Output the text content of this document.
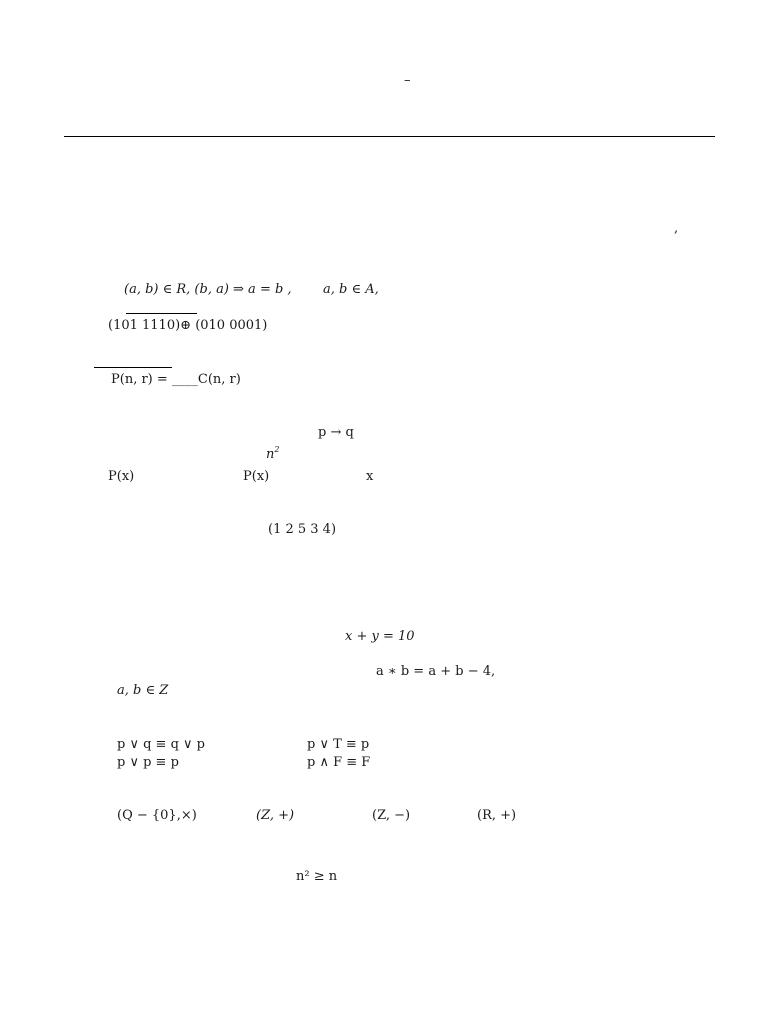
–
,
(a, b) ∈ R, (b, a) ⇒ a = b , a, b ∈ A,
(101 1110)⊕ (010 0001)
P(n, r) = ____C(n, r)
p → q
$n^2$
P(x)	P(x)	x
(1 2 5 3 4)
x + y = 10
a ∗ b = a + b − 4,
a, b ∈ Z
p ∨ q ≡ q ∨ p	p ∨ T ≡ p
p ∨ p ≡ p	p ∧ F ≡ F
(Q − {0},×)	(Z, +)	(Z, −)	(R, +)
n² ≥ n
